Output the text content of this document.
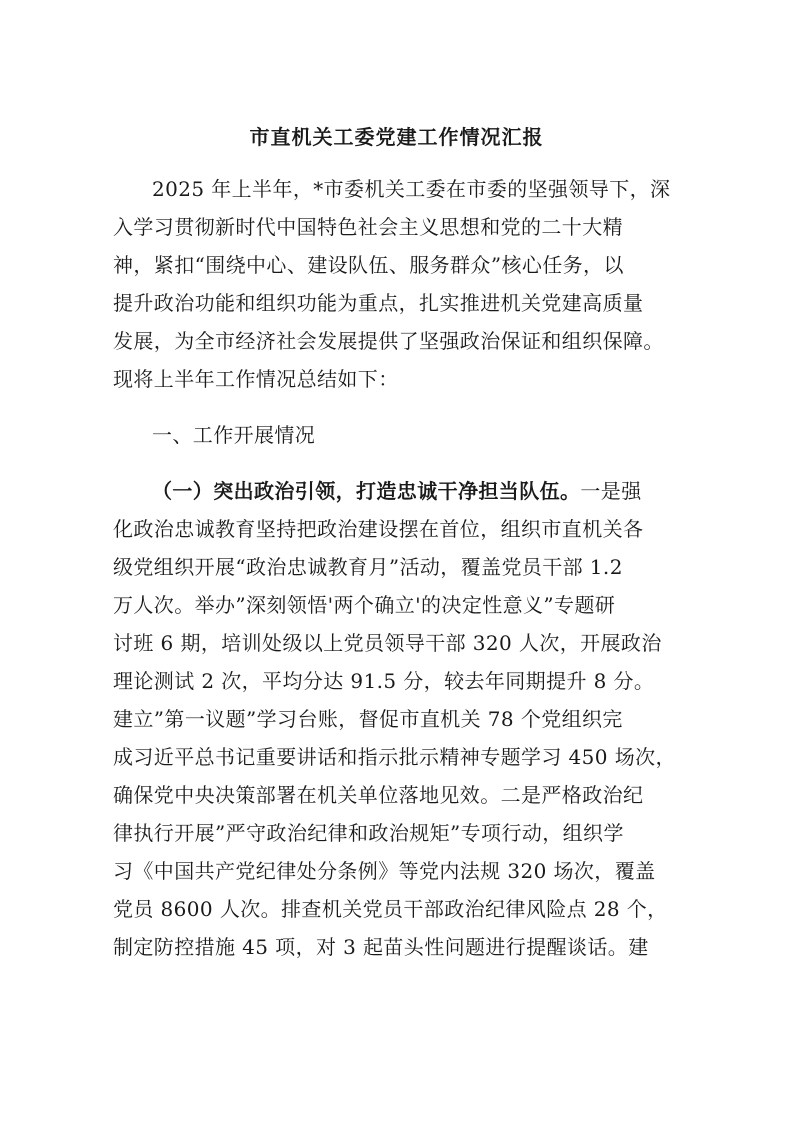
市直机关工委党建工作情况汇报
2025 年上半年，*市委机关工委在市委的坚强领导下，深
入学习贯彻新时代中国特色社会主义思想和党的二十大精
神，紧扣“围绕中心、建设队伍、服务群众”核心任务，以
提升政治功能和组织功能为重点，扎实推进机关党建高质量
发展，为全市经济社会发展提供了坚强政治保证和组织保障。
现将上半年工作情况总结如下：
一、工作开展情况
（一）突出政治引领，打造忠诚干净担当队伍。一是强
化政治忠诚教育坚持把政治建设摆在首位，组织市直机关各
级党组织开展“政治忠诚教育月”活动，覆盖党员干部 1.2
万人次。举办”深刻领悟'两个确立'的决定性意义”专题研
讨班 6 期，培训处级以上党员领导干部 320 人次，开展政治
理论测试 2 次，平均分达 91.5 分，较去年同期提升 8 分。
建立”第一议题”学习台账，督促市直机关 78 个党组织完
成习近平总书记重要讲话和指示批示精神专题学习 450 场次，
确保党中央决策部署在机关单位落地见效。二是严格政治纪
律执行开展”严守政治纪律和政治规矩”专项行动，组织学
习《中国共产党纪律处分条例》等党内法规 320 场次，覆盖
党员 8600 人次。排查机关党员干部政治纪律风险点 28 个，
制定防控措施 45 项，对 3 起苗头性问题进行提醒谈话。建
